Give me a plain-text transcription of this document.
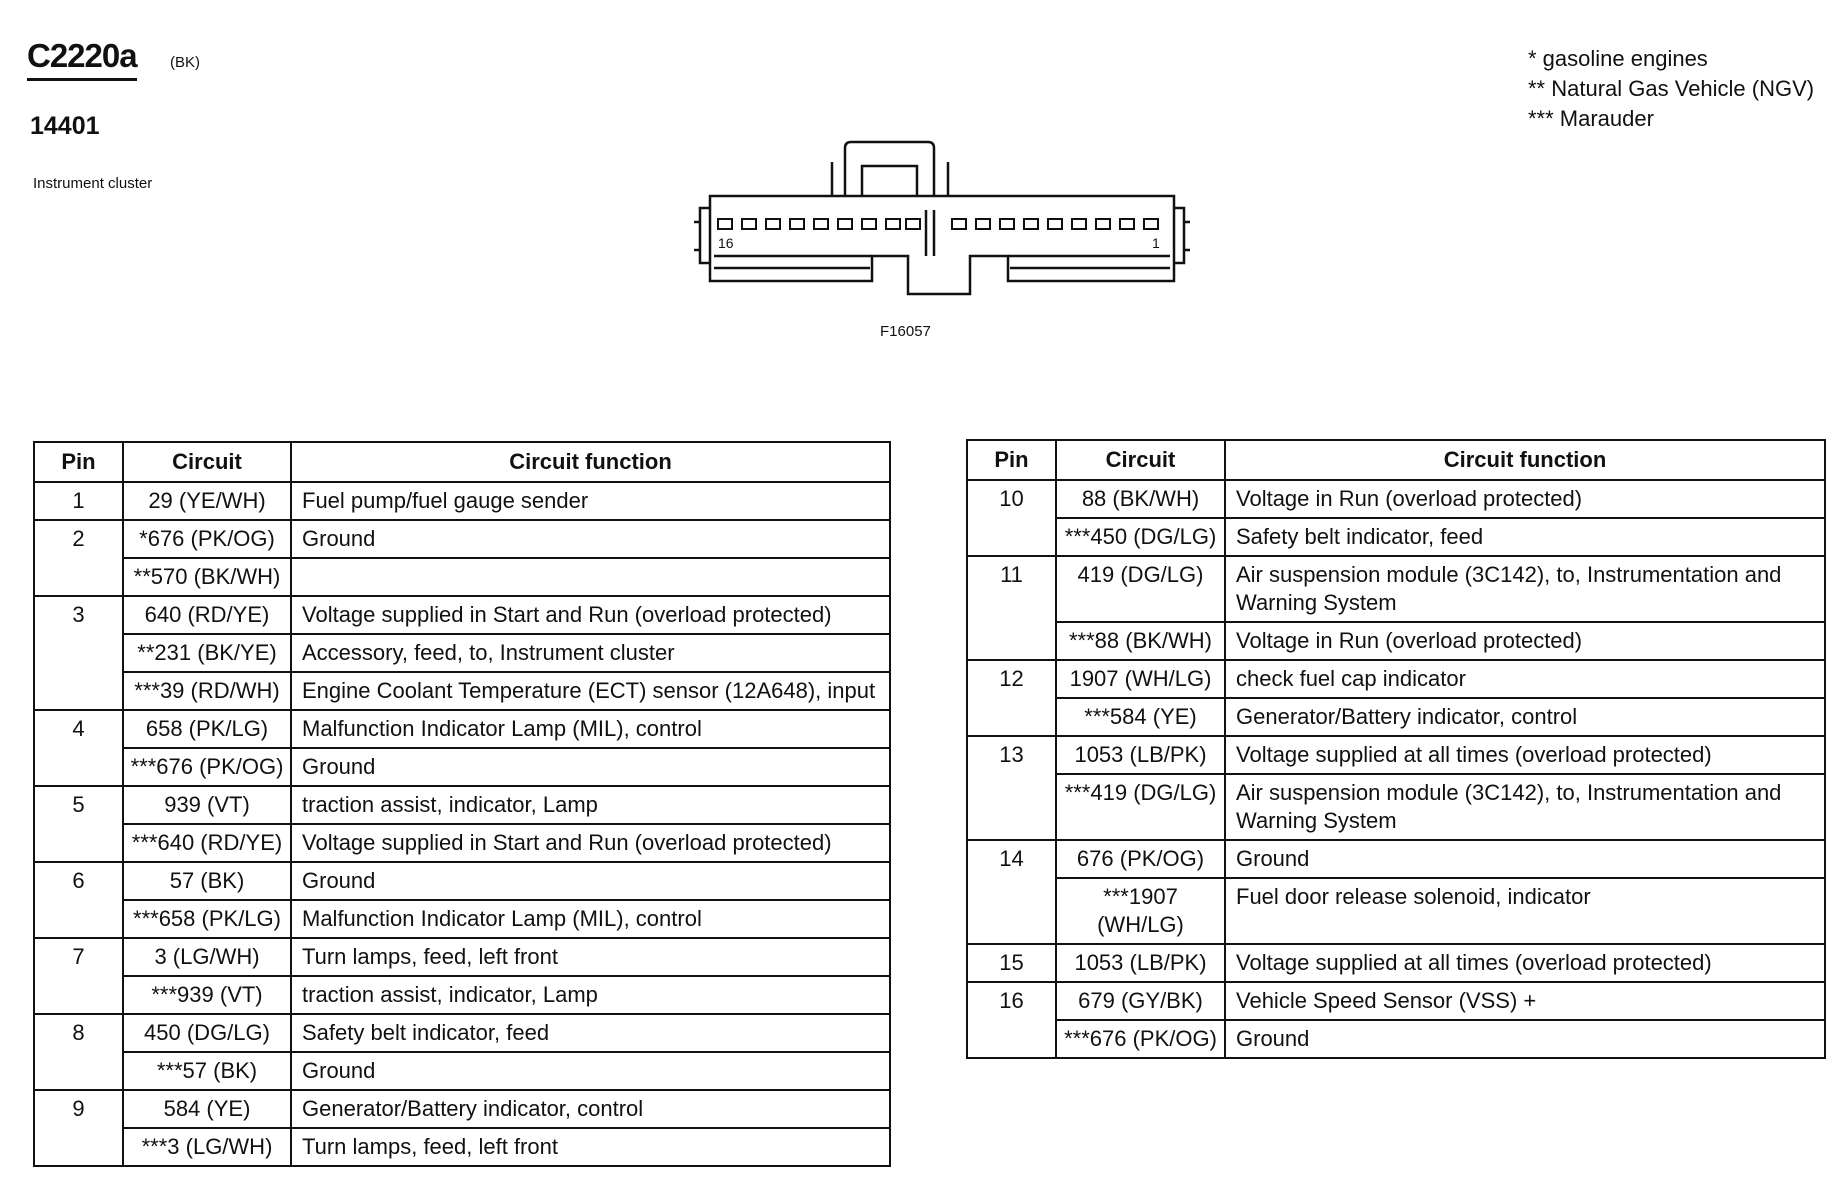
C2220a (BK)
14401
Instrument cluster
* gasoline engines
** Natural Gas Vehicle (NGV)
*** Marauder
16	1
F16057
Pin	Circuit	Circuit function
1	29 (YE/WH)	Fuel pump/fuel gauge sender
2	*676 (PK/OG)	Ground
	**570 (BK/WH)	
3	640 (RD/YE)	Voltage supplied in Start and Run (overload protected)
	**231 (BK/YE)	Accessory, feed, to, Instrument cluster
	***39 (RD/WH)	Engine Coolant Temperature (ECT) sensor (12A648), input
4	658 (PK/LG)	Malfunction Indicator Lamp (MIL), control
	***676 (PK/OG)	Ground
5	939 (VT)	traction assist, indicator, Lamp
	***640 (RD/YE)	Voltage supplied in Start and Run (overload protected)
6	57 (BK)	Ground
	***658 (PK/LG)	Malfunction Indicator Lamp (MIL), control
7	3 (LG/WH)	Turn lamps, feed, left front
	***939 (VT)	traction assist, indicator, Lamp
8	450 (DG/LG)	Safety belt indicator, feed
	***57 (BK)	Ground
9	584 (YE)	Generator/Battery indicator, control
	***3 (LG/WH)	Turn lamps, feed, left front
Pin	Circuit	Circuit function
10	88 (BK/WH)	Voltage in Run (overload protected)
	***450 (DG/LG)	Safety belt indicator, feed
11	419 (DG/LG)	Air suspension module (3C142), to, Instrumentation and Warning System
	***88 (BK/WH)	Voltage in Run (overload protected)
12	1907 (WH/LG)	check fuel cap indicator
	***584 (YE)	Generator/Battery indicator, control
13	1053 (LB/PK)	Voltage supplied at all times (overload protected)
	***419 (DG/LG)	Air suspension module (3C142), to, Instrumentation and Warning System
14	676 (PK/OG)	Ground
	***1907 (WH/LG)	Fuel door release solenoid, indicator
15	1053 (LB/PK)	Voltage supplied at all times (overload protected)
16	679 (GY/BK)	Vehicle Speed Sensor (VSS) +
	***676 (PK/OG)	Ground
